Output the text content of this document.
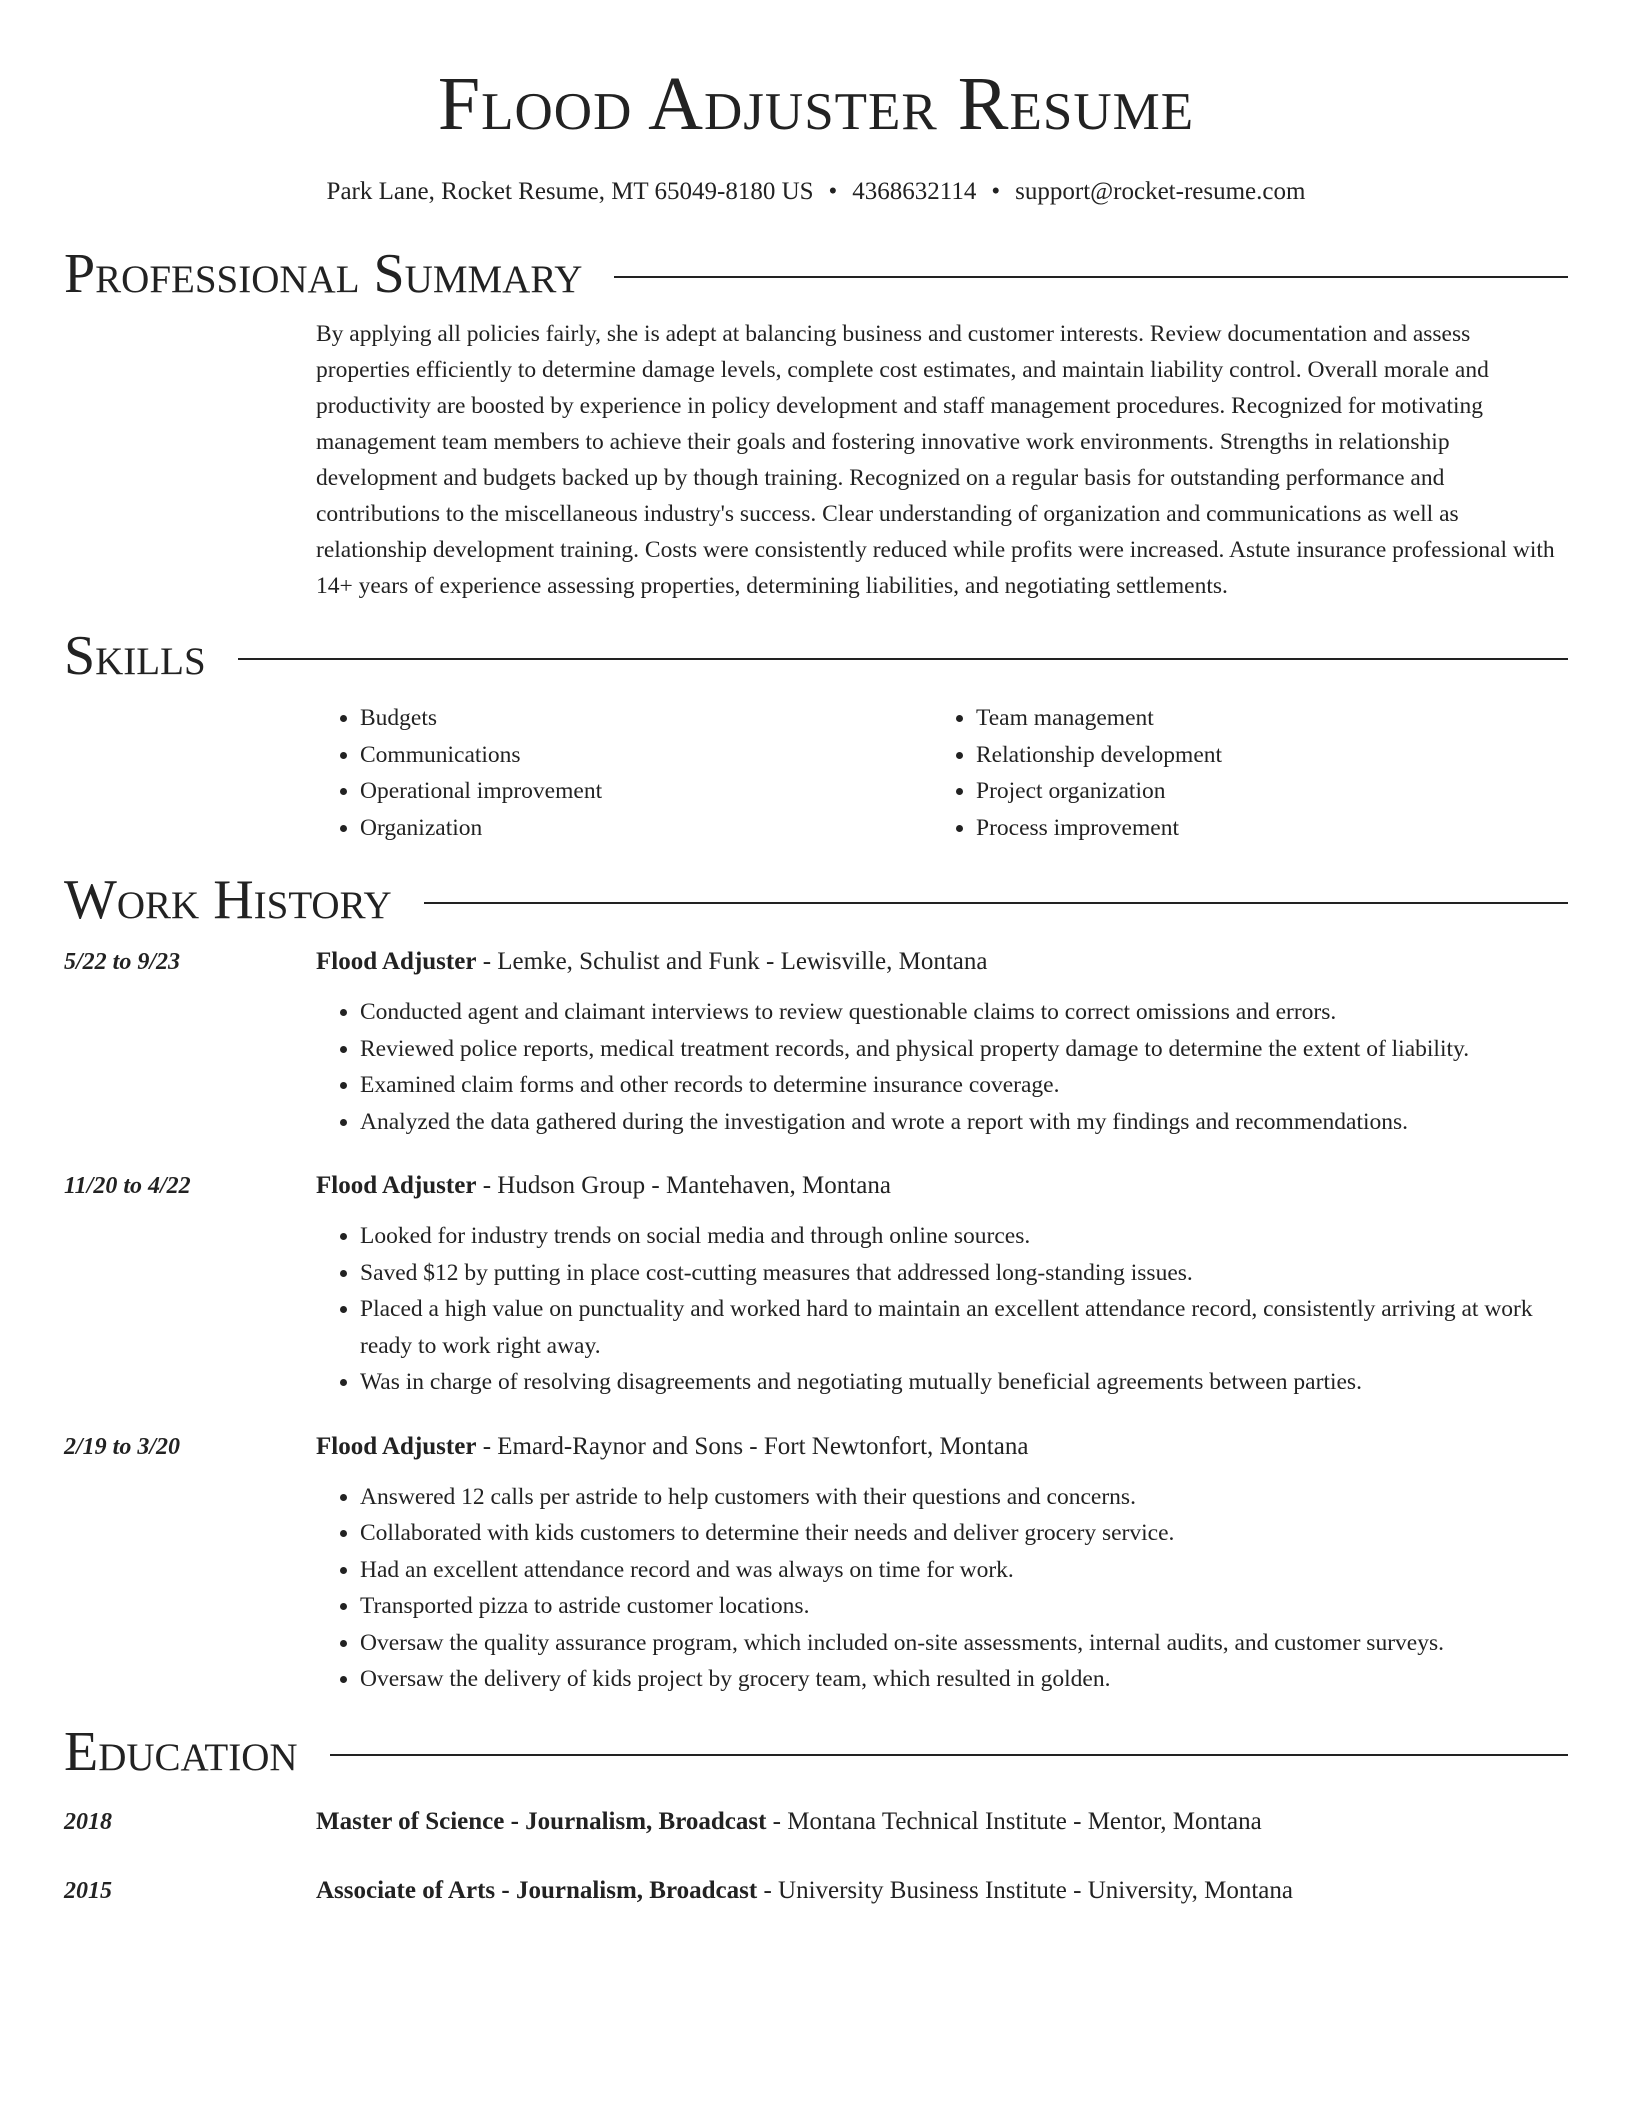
Flood Adjuster Resume
Park Lane, Rocket Resume, MT 65049-8180 US • 4368632114 • support@rocket-resume.com
Professional Summary
By applying all policies fairly, she is adept at balancing business and customer interests. Review documentation and assess properties efficiently to determine damage levels, complete cost estimates, and maintain liability control. Overall morale and productivity are boosted by experience in policy development and staff management procedures. Recognized for motivating management team members to achieve their goals and fostering innovative work environments. Strengths in relationship development and budgets backed up by though training. Recognized on a regular basis for outstanding performance and contributions to the miscellaneous industry's success. Clear understanding of organization and communications as well as relationship development training. Costs were consistently reduced while profits were increased. Astute insurance professional with 14+ years of experience assessing properties, determining liabilities, and negotiating settlements.
Skills
• Budgets
• Communications
• Operational improvement
• Organization
• Team management
• Relationship development
• Project organization
• Process improvement
Work History
5/22 to 9/23	Flood Adjuster - Lemke, Schulist and Funk - Lewisville, Montana
• Conducted agent and claimant interviews to review questionable claims to correct omissions and errors.
• Reviewed police reports, medical treatment records, and physical property damage to determine the extent of liability.
• Examined claim forms and other records to determine insurance coverage.
• Analyzed the data gathered during the investigation and wrote a report with my findings and recommendations.
11/20 to 4/22	Flood Adjuster - Hudson Group - Mantehaven, Montana
• Looked for industry trends on social media and through online sources.
• Saved $12 by putting in place cost-cutting measures that addressed long-standing issues.
• Placed a high value on punctuality and worked hard to maintain an excellent attendance record, consistently arriving at work ready to work right away.
• Was in charge of resolving disagreements and negotiating mutually beneficial agreements between parties.
2/19 to 3/20	Flood Adjuster - Emard-Raynor and Sons - Fort Newtonfort, Montana
• Answered 12 calls per astride to help customers with their questions and concerns.
• Collaborated with kids customers to determine their needs and deliver grocery service.
• Had an excellent attendance record and was always on time for work.
• Transported pizza to astride customer locations.
• Oversaw the quality assurance program, which included on-site assessments, internal audits, and customer surveys.
• Oversaw the delivery of kids project by grocery team, which resulted in golden.
Education
2018	Master of Science - Journalism, Broadcast - Montana Technical Institute - Mentor, Montana
2015	Associate of Arts - Journalism, Broadcast - University Business Institute - University, Montana
